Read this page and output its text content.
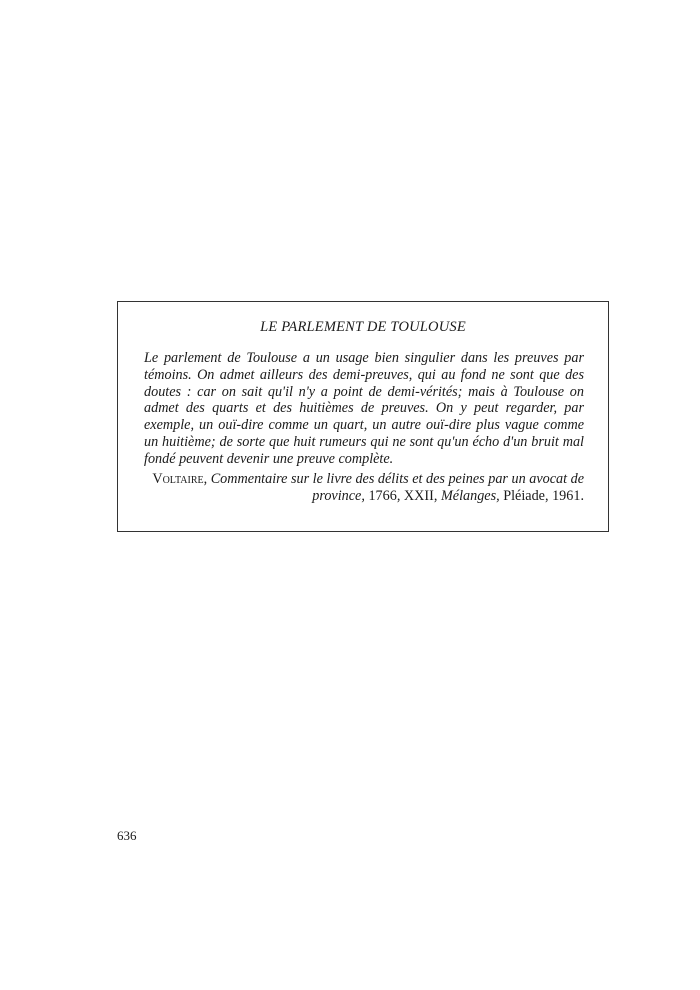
LE PARLEMENT DE TOULOUSE
Le parlement de Toulouse a un usage bien singulier dans les preuves par témoins. On admet ailleurs des demi-preuves, qui au fond ne sont que des doutes : car on sait qu'il n'y a point de demi-vérités; mais à Toulouse on admet des quarts et des huitièmes de preuves. On y peut regarder, par exemple, un ouï-dire comme un quart, un autre ouï-dire plus vague comme un huitième; de sorte que huit rumeurs qui ne sont qu'un écho d'un bruit mal fondé peuvent devenir une preuve complète.
Voltaire, Commentaire sur le livre des délits et des peines par un avocat de province, 1766, XXII, Mélanges, Pléiade, 1961.
636
